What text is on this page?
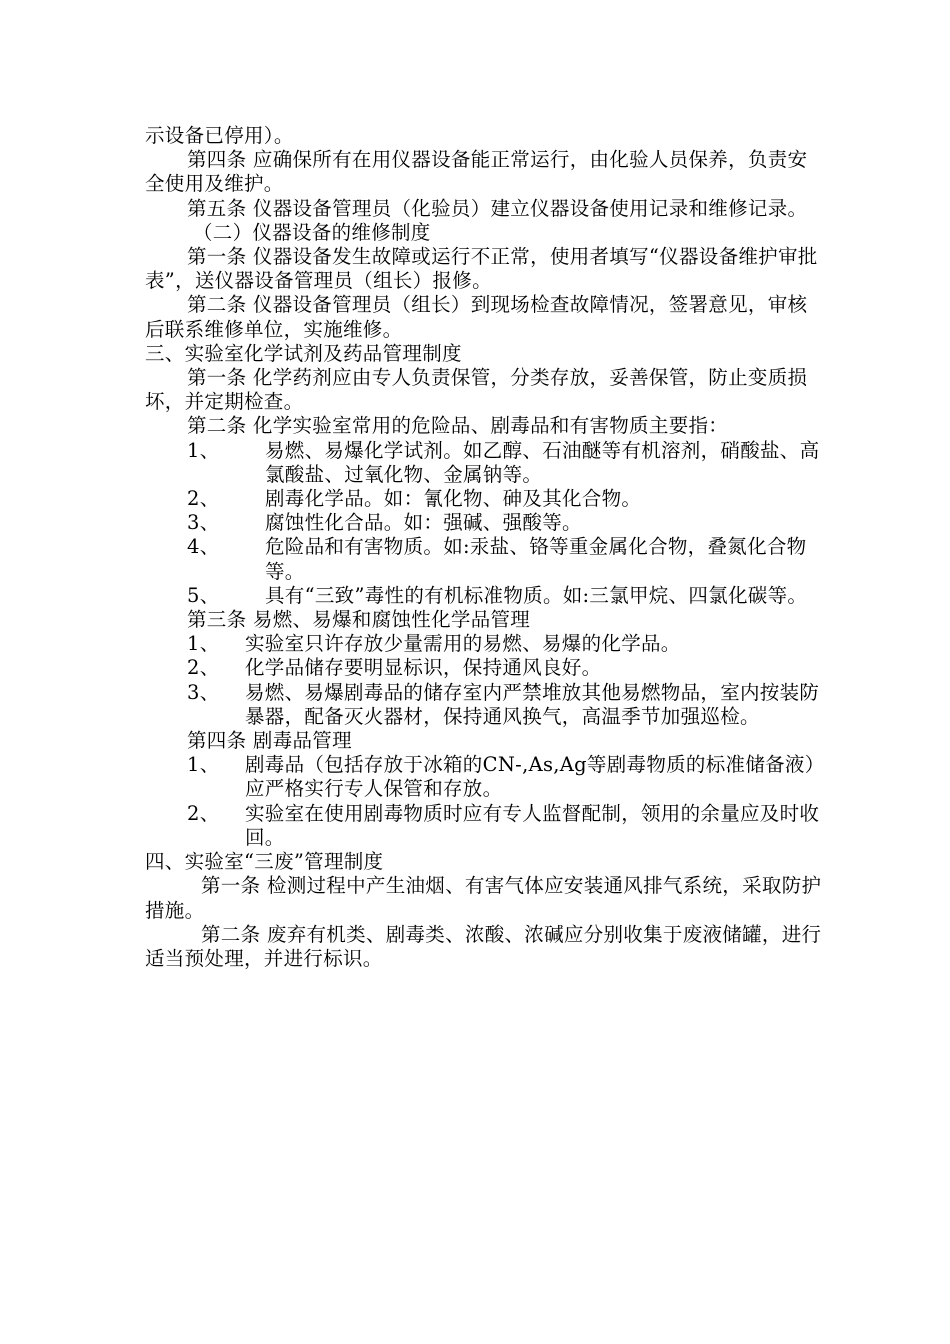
示设备已停用）。

第四条 应确保所有在用仪器设备能正常运行，由化验人员保养，负责安全使用及维护。

第五条 仪器设备管理员（化验员）建立仪器设备使用记录和维修记录。

（二）仪器设备的维修制度

第一条 仪器设备发生故障或运行不正常，使用者填写“仪器设备维护审批表”，送仪器设备管理员（组长）报修。

第二条 仪器设备管理员（组长）到现场检查故障情况，签署意见，审核后联系维修单位，实施维修。

三、实验室化学试剂及药品管理制度

第一条 化学药剂应由专人负责保管，分类存放，妥善保管，防止变质损坏，并定期检查。

第二条 化学实验室常用的危险品、剧毒品和有害物质主要指：

1、	易燃、易爆化学试剂。如乙醇、石油醚等有机溶剂，硝酸盐、高氯酸盐、过氧化物、金属钠等。
2、	剧毒化学品。如：氰化物、砷及其化合物。
3、	腐蚀性化合品。如：强碱、强酸等。
4、	危险品和有害物质。如:汞盐、铬等重金属化合物，叠氮化合物等。
5、	具有“三致”毒性的有机标准物质。如:三氯甲烷、四氯化碳等。

第三条 易燃、易爆和腐蚀性化学品管理

1、	实验室只许存放少量需用的易燃、易爆的化学品。
2、	化学品储存要明显标识，保持通风良好。
3、	易燃、易爆剧毒品的储存室内严禁堆放其他易燃物品，室内按装防暴器，配备灭火器材，保持通风换气，高温季节加强巡检。

第四条 剧毒品管理

1、	剧毒品（包括存放于冰箱的CN-,As,Ag等剧毒物质的标准储备液）应严格实行专人保管和存放。
2、	实验室在使用剧毒物质时应有专人监督配制，领用的余量应及时收回。

四、实验室“三废”管理制度

第一条 检测过程中产生油烟、有害气体应安装通风排气系统，采取防护措施。

第二条 废弃有机类、剧毒类、浓酸、浓碱应分别收集于废液储罐，进行适当预处理，并进行标识。
